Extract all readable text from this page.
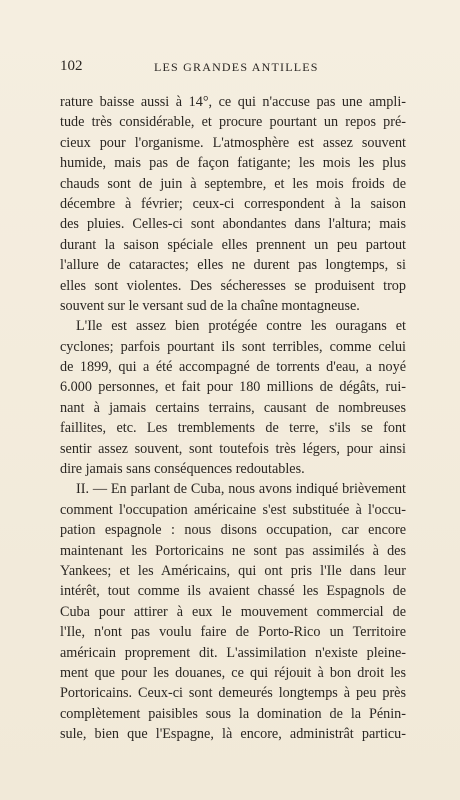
102	LES GRANDES ANTILLES
rature baisse aussi à 14°, ce qui n'accuse pas une ampli-
tude très considérable, et procure pourtant un repos pré-
cieux pour l'organisme. L'atmosphère est assez souvent
humide, mais pas de façon fatigante; les mois les plus
chauds sont de juin à septembre, et les mois froids de
décembre à février; ceux-ci correspondent à la saison
des pluies. Celles-ci sont abondantes dans l'altura; mais
durant la saison spéciale elles prennent un peu partout
l'allure de cataractes; elles ne durent pas longtemps, si
elles sont violentes. Des sécheresses se produisent trop
souvent sur le versant sud de la chaîne montagneuse.
L'Ile est assez bien protégée contre les ouragans et
cyclones; parfois pourtant ils sont terribles, comme celui
de 1899, qui a été accompagné de torrents d'eau, a noyé
6.000 personnes, et fait pour 180 millions de dégâts, rui-
nant à jamais certains terrains, causant de nombreuses
faillites, etc. Les tremblements de terre, s'ils se font
sentir assez souvent, sont toutefois très légers, pour ainsi
dire jamais sans conséquences redoutables.
II. — En parlant de Cuba, nous avons indiqué brièvement
comment l'occupation américaine s'est substituée à l'occu-
pation espagnole : nous disons occupation, car encore
maintenant les Portoricains ne sont pas assimilés à des
Yankees; et les Américains, qui ont pris l'Ile dans leur
intérêt, tout comme ils avaient chassé les Espagnols de
Cuba pour attirer à eux le mouvement commercial de
l'Ile, n'ont pas voulu faire de Porto-Rico un Territoire
américain proprement dit. L'assimilation n'existe pleine-
ment que pour les douanes, ce qui réjouit à bon droit les
Portoricains. Ceux-ci sont demeurés longtemps à peu près
complètement paisibles sous la domination de la Pénin-
sule, bien que l'Espagne, là encore, administrât particu-
